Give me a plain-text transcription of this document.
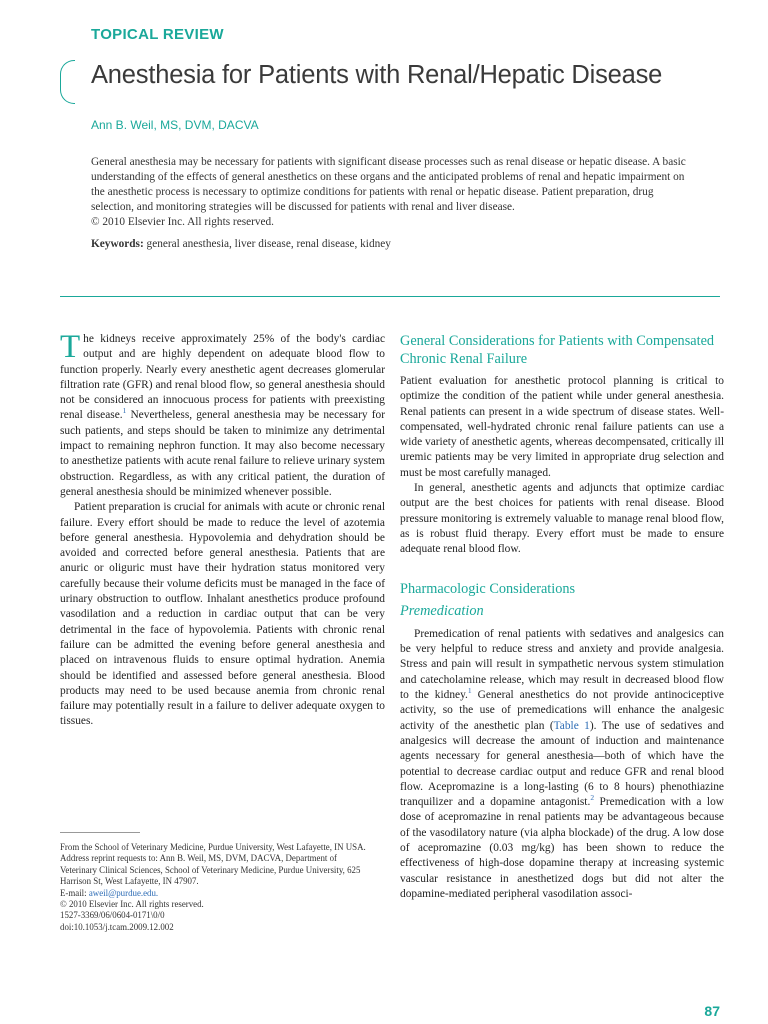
TOPICAL REVIEW
Anesthesia for Patients with Renal/Hepatic Disease
Ann B. Weil, MS, DVM, DACVA

General anesthesia may be necessary for patients with significant disease processes such as renal disease or hepatic disease. A basic understanding of the effects of general anesthetics on these organs and the anticipated problems of renal and hepatic impairment on the anesthetic process is necessary to optimize conditions for patients with renal or hepatic disease. Patient preparation, drug selection, and monitoring strategies will be discussed for patients with renal and liver disease.

© 2010 Elsevier Inc. All rights reserved.

Keywords: general anesthesia, liver disease, renal disease, kidney

The kidneys receive approximately 25% of the body's cardiac output and are highly dependent on adequate blood flow to function properly. Nearly every anesthetic agent decreases glomerular filtration rate (GFR) and renal blood flow, so general anesthesia should not be considered an innocuous process for patients with preexisting renal disease.$^1$ Nevertheless, general anesthesia may be necessary for such patients, and steps should be taken to minimize any detrimental impact to remaining nephron function. It may also become necessary to anesthetize patients with acute renal failure to relieve urinary system obstruction. Regardless, as with any critical patient, the duration of general anesthesia should be minimized whenever possible.

Patient preparation is crucial for animals with acute or chronic renal failure. Every effort should be made to reduce the level of azotemia before general anesthesia. Hypovolemia and dehydration should be avoided and corrected before general anesthesia. Patients that are anuric or oliguric must have their hydration status monitored very carefully because their volume deficits must be managed in the face of urinary obstruction to outflow. Inhalant anesthetics produce profound vasodilation and a reduction in cardiac output that can be very detrimental in the face of hypovolemia. Patients with chronic renal failure can be admitted the evening before general anesthesia and placed on intravenous fluids to ensure optimal hydration. Anemia should be identified and assessed before general anesthesia. Blood products may need to be used because anemia from chronic renal failure may potentially result in a failure to deliver adequate oxygen to tissues.

From the School of Veterinary Medicine, Purdue University, West Lafayette, IN USA.

Address reprint requests to: Ann B. Weil, MS, DVM, DACVA, Department of Veterinary Clinical Sciences, School of Veterinary Medicine, Purdue University, 625 Harrison St, West Lafayette, IN 47907.

E-mail: aweil@purdue.edu.

© 2010 Elsevier Inc. All rights reserved.

1527-3369/06/0604-0171\0/0

doi:10.1053/j.tcam.2009.12.002

General Considerations for Patients with Compensated Chronic Renal Failure

Patient evaluation for anesthetic protocol planning is critical to optimize the condition of the patient while under general anesthesia. Renal patients can present in a wide spectrum of disease states. Well-compensated, well-hydrated chronic renal failure patients can use a wide variety of anesthetic agents, whereas decompensated, critically ill uremic patients may be very limited in appropriate drug selection and must be most carefully managed.

In general, anesthetic agents and adjuncts that optimize cardiac output are the best choices for patients with renal disease. Blood pressure monitoring is extremely valuable to manage renal blood flow, as is robust fluid therapy. Every effort must be made to ensure adequate renal blood flow.

Pharmacologic Considerations
Premedication

Premedication of renal patients with sedatives and analgesics can be very helpful to reduce stress and anxiety and provide analgesia. Stress and pain will result in sympathetic nervous system stimulation and catecholamine release, which may result in decreased blood flow to the kidney.$^1$ General anesthetics do not provide antinociceptive activity, so the use of premedications will enhance the analgesic activity of the anesthetic plan (Table 1). The use of sedatives and analgesics will decrease the amount of induction and maintenance agents necessary for general anesthesia—both of which have the potential to decrease cardiac output and reduce GFR and renal blood flow. Acepromazine is a long-lasting (6 to 8 hours) phenothiazine tranquilizer and a dopamine antagonist.$^2$ Premedication with a low dose of acepromazine in renal patients may be advantageous because of the vasodilatory nature (via alpha blockade) of the drug. A low dose of acepromazine (0.03 mg/kg) has been shown to reduce the effectiveness of high-dose dopamine therapy at increasing systemic vascular resistance in anesthetized dogs but did not alter the dopamine-mediated peripheral vasodilation associ-

87
